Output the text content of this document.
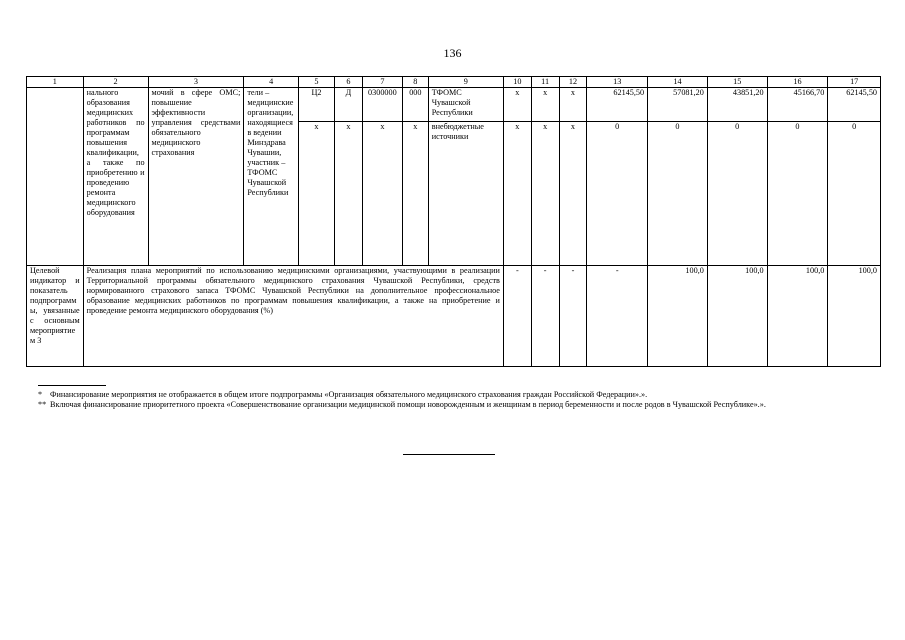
136
1	2	3	4	5	6	7	8	9	10	11	12	13	14	15	16	17
	нального образования медицинских работников по программам повышения квалификации, а также по приобретению и проведению ремонта медицинского оборудования	мочий в сфере ОМС; повышение эффективности управления средствами обязательного медицинского страхования	тели – медицинские организации, находящиеся в ведении Минздрава Чувашии, участник – ТФОМС Чувашской Республики	Ц2	Д	0300000	000	ТФОМС Чувашской Республики	x	x	x	62145,50	57081,20	43851,20	45166,70	62145,50
				x	x	x	x	внебюджетные источники	x	x	x	0	0	0	0	0
Целевой индикатор и показатель подпрограммы, увязанные с основным мероприятием 3	Реализация плана мероприятий по использованию медицинскими организациями, участвующими в реализации Территориальной программы обязательного медицинского страхования Чувашской Республики, средств нормированного страхового запаса ТФОМС Чувашской Республики на дополнительное профессиональное образование медицинских работников по программам повышения квалификации, а также на приобретение и проведение ремонта медицинского оборудования (%)								-	-	-	-	100,0	100,0	100,0	100,0
* Финансирование мероприятия не отображается в общем итоге подпрограммы «Организация обязательного медицинского страхования граждан Российской Федерации».».
** Включая финансирование приоритетного проекта «Совершенствование организации медицинской помощи новорожденным и женщинам в период беременности и после родов в Чувашской Республике».».
